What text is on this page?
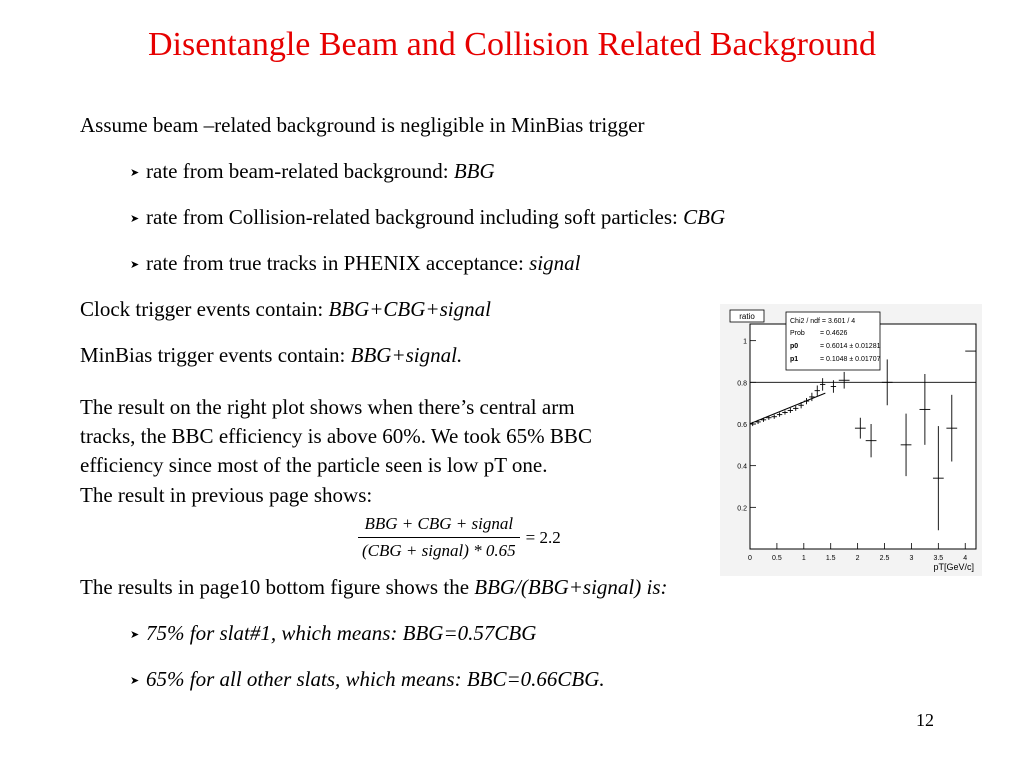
Disentangle Beam and Collision Related Background
Assume beam –related background is negligible in MinBias trigger
➤ rate from beam-related background: BBG
➤ rate from Collision-related background including soft particles: CBG
➤ rate from true tracks in PHENIX acceptance: signal
Clock trigger events contain: BBG+CBG+signal
MinBias trigger events contain: BBG+signal.
The result on the right plot shows when there’s central arm
tracks, the BBC efficiency is above 60%. We took 65% BBC
efficiency since most of the particle seen is low pT one.
The result in previous page shows:
BBG + CBG + signal
(CBG + signal) * 0.65
= 2.2
The results in page10 bottom figure shows the BBG/(BBG+signal) is:
➤ 75% for slat#1, which means: BBG=0.57CBG
➤ 65% for all other slats, which means: BBC=0.66CBG.
12
ratio
Chi2 / ndf = 3.601 / 4
Prob = 0.4626
p0	= 0.6014 ± 0.01281
p1	= 0.1048 ± 0.01707
1
0.8
0.6
0.4
0.2
0	0.5	1	1.5	2	2.5	3	3.5	4
pT[GeV/c]
